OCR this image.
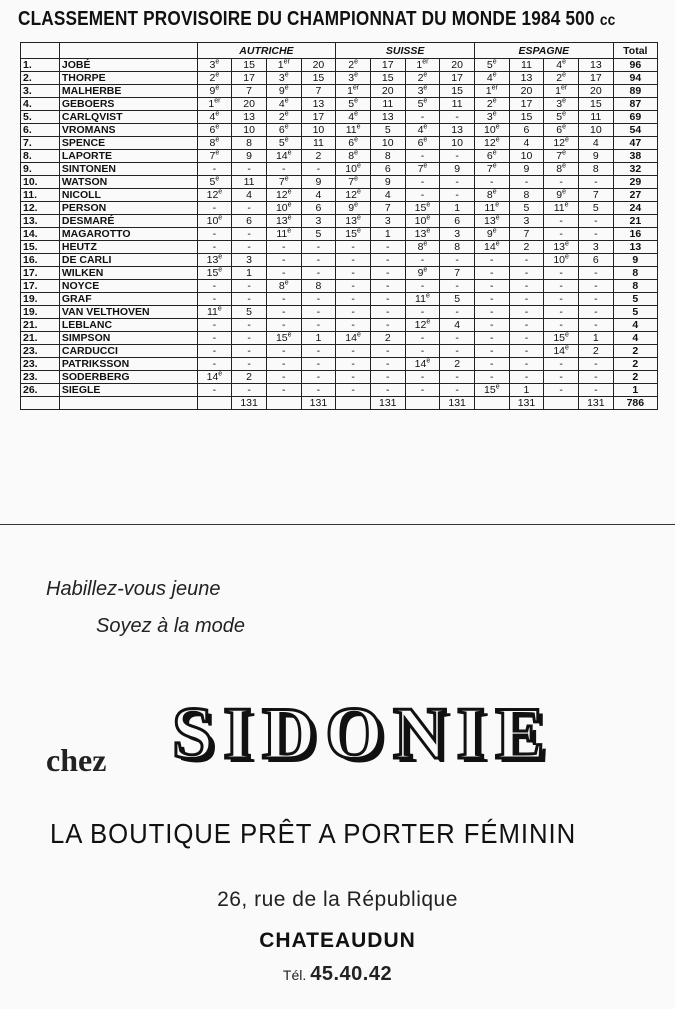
CLASSEMENT PROVISOIRE DU CHAMPIONNAT DU MONDE 1984 500 cc
		AUTRICHE				SUISSE				ESPAGNE				Total
1.	JOBÉ	3e	15	1er	20	2e	17	1er	20	5e	11	4e	13	96
2.	THORPE	2e	17	3e	15	3e	15	2e	17	4e	13	2e	17	94
3.	MALHERBE	9e	7	9e	7	1er	20	3e	15	1er	20	1er	20	89
4.	GEBOERS	1er	20	4e	13	5e	11	5e	11	2e	17	3e	15	87
5.	CARLQVIST	4e	13	2e	17	4e	13	-	-	3e	15	5e	11	69
6.	VROMANS	6e	10	6e	10	11e	5	4e	13	10e	6	6e	10	54
7.	SPENCE	8e	8	5e	11	6e	10	6e	10	12e	4	12e	4	47
8.	LAPORTE	7e	9	14e	2	8e	8	-	-	6e	10	7e	9	38
9.	SINTONEN	-	-	-	-	10e	6	7e	9	7e	9	8e	8	32
10.	WATSON	5e	11	7e	9	7e	9	-	-	-	-	-	-	29
11.	NICOLL	12e	4	12e	4	12e	4	-	-	8e	8	9e	7	27
12.	PERSON	-	-	10e	6	9e	7	15e	1	11e	5	11e	5	24
13.	DESMARÉ	10e	6	13e	3	13e	3	10e	6	13e	3	-	-	21
14.	MAGAROTTO	-	-	11e	5	15e	1	13e	3	9e	7	-	-	16
15.	HEUTZ	-	-	-	-	-	-	8e	8	14e	2	13e	3	13
16.	DE CARLI	13e	3	-	-	-	-	-	-	-	-	10e	6	9
17.	WILKEN	15e	1	-	-	-	-	9e	7	-	-	-	-	8
17.	NOYCE	-	-	8e	8	-	-	-	-	-	-	-	-	8
19.	GRAF	-	-	-	-	-	-	11e	5	-	-	-	-	5
19.	VAN VELTHOVEN	11e	5	-	-	-	-	-	-	-	-	-	-	5
21.	LEBLANC	-	-	-	-	-	-	12e	4	-	-	-	-	4
21.	SIMPSON	-	-	15e	1	14e	2	-	-	-	-	15e	1	4
23.	CARDUCCI	-	-	-	-	-	-	-	-	-	-	14e	2	2
23.	PATRIKSSON	-	-	-	-	-	-	14e	2	-	-	-	-	2
23.	SODERBERG	14e	2	-	-	-	-	-	-	-	-	-	-	2
26.	SIEGLE	-	-	-	-	-	-	-	-	15e	1	-	-	1
			131		131		131		131		131		131	786
Habillez-vous jeune
Soyez à la mode
chez SIDONIE
LA BOUTIQUE PRÊT A PORTER FÉMININ
26, rue de la République
CHATEAUDUN
Tél. 45.40.42
